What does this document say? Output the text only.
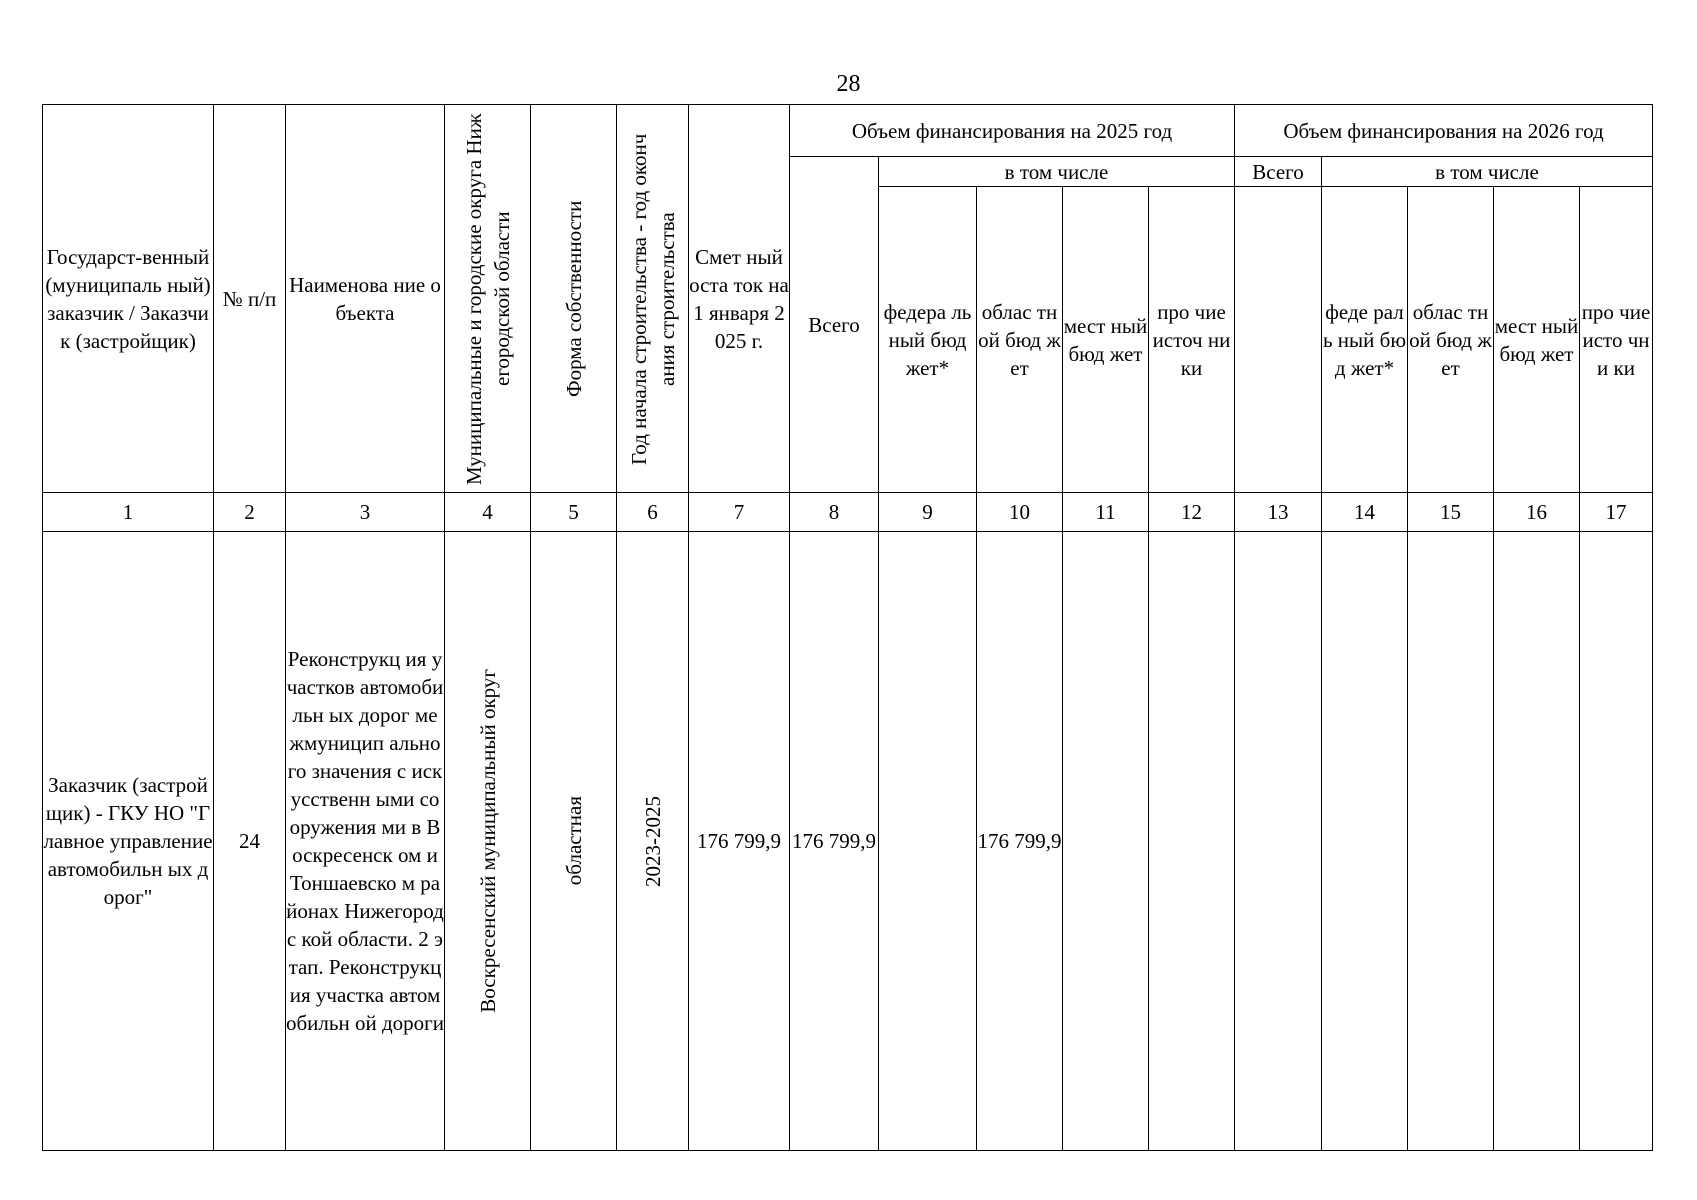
28
Государст-венный (муниципаль ный) заказчик / Заказчик (застройщик)	№ п/п	Наименова ние объекта	Муниципальные и городские округа Нижегородской области	Форма собственности	Год начала строительства - год окончания строительства	Смет ный оста ток на 1 января 2025 г.	Объем финансирования на 2025 год					Объем финансирования на 2026 год				
							Всего	в том числе				Всего	в том числе			

								федера льный бюд жет*	облас тной бюд жет	мест ный бюд жет	про чие источ ники		феде раль ный бюд жет*	облас тной бюд жет	мест ный бюд жет	про чие исто чни ки

1	2	3	4	5	6	7	8	9	10	11	12	13	14	15	16	17
Заказчик (застройщик) - ГКУ НО "Главное управление автомобильн ых дорог"	24	Реконструкц ия участков автомобильн ых дорог межмуницип ального значения с искусственн ыми сооружения ми в Воскресенск ом и Тоншаевско м районах Нижегородс кой области. 2 этап. Реконструкц ия участка автомобильн ой дороги	Воскресенский муниципальный округ	областная	2023-2025	176 799,9	176 799,9		176 799,9							
